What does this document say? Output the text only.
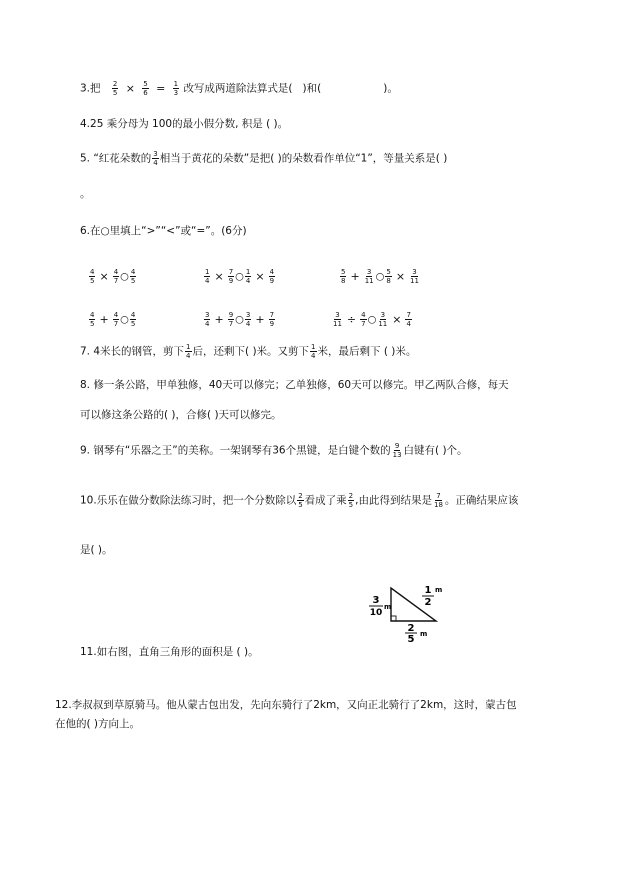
3.把 $\frac{2}{5} \times \frac{5}{6} = \frac{1}{3}$ 改写成两道除法算式是( )和(	)。
4.25 乘分母为 100的最小假分数, 积是 ( )。
5. “红花朵数的 $\frac{3}{4}$ 相当于黄花的朵数”是把( )的朵数看作单位“1”，等量关系是( )
。
6.在○里填上“>”“<”或“=”。(6分)
$\frac{4}{5} \times \frac{4}{7}$ ○ $\frac{4}{5}$	$\frac{1}{4} \times \frac{7}{9}$ ○ $\frac{1}{4} \times \frac{4}{9}$	$\frac{5}{8} + \frac{3}{11}$ ○ $\frac{5}{8} \times \frac{3}{11}$
$\frac{4}{5} + \frac{4}{7}$ ○ $\frac{4}{5}$	$\frac{3}{4} + \frac{9}{7}$ ○ $\frac{3}{4} + \frac{7}{9}$	$\frac{3}{11} \div \frac{4}{7}$ ○ $\frac{3}{11} \times \frac{7}{4}$
7. 4米长的钢管，剪下 $\frac{1}{4}$ 后，还剩下( )米。又剪下 $\frac{1}{4}$ 米，最后剩下 ( )米。
8. 修一条公路，甲单独修，40天可以修完；乙单独修，60天可以修完。甲乙两队合修，每天
可以修这条公路的( )，合修( )天可以修完。
9. 钢琴有“乐器之王”的美称。一架钢琴有36个黑键，是白键个数的 $\frac{9}{13}$ 白键有( )个。
10.乐乐在做分数除法练习时，把一个分数除以 $\frac{2}{5}$ 看成了乘 $\frac{2}{5}$ ,由此得到结果是 $\frac{7}{18}$ 。正确结果应该
是( )。
3
10
m
1
2
m
2
5 m
11.如右图，直角三角形的面积是 ( )。
12.李叔叔到草原骑马。他从蒙古包出发，先向东骑行了2km，又向正北骑行了2km，这时，蒙古包
在他的( )方向上。
